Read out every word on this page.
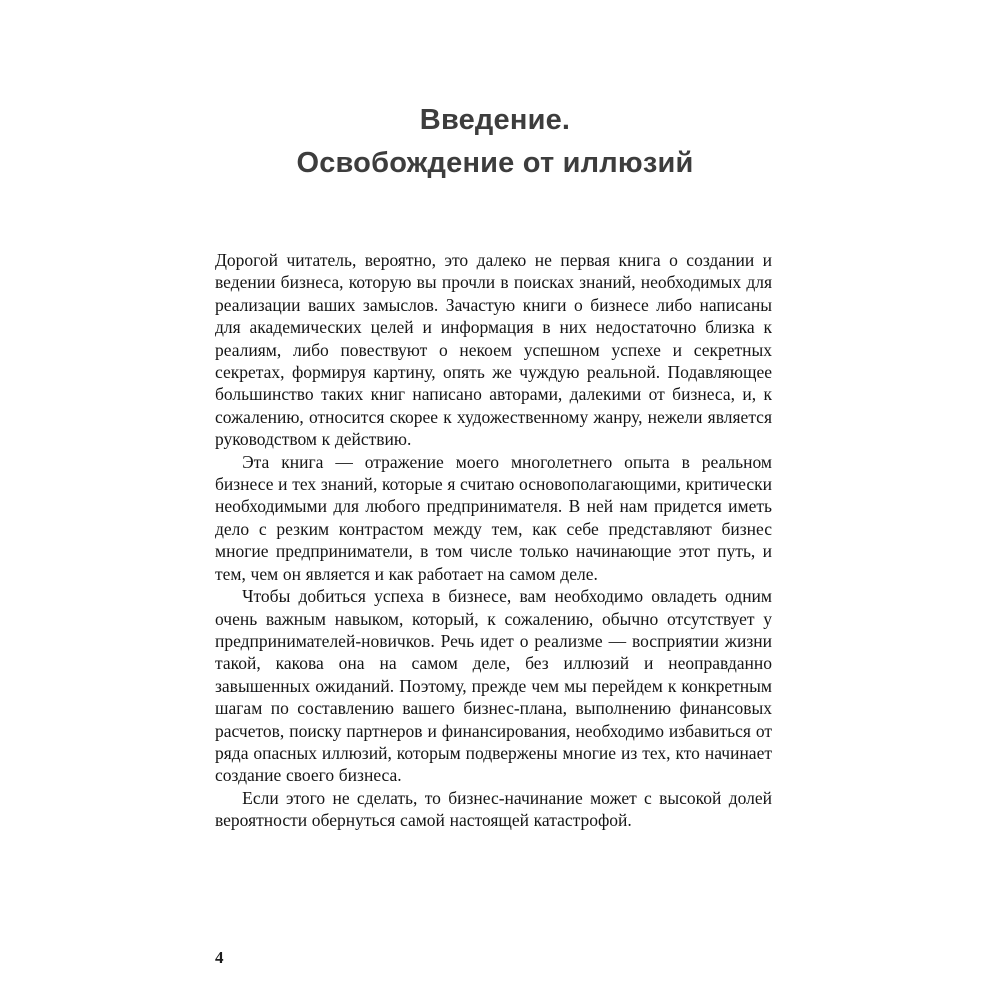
Введение.
Освобождение от иллюзий

Дорогой читатель, вероятно, это далеко не первая книга о создании и ведении бизнеса, которую вы прочли в поисках знаний, необходимых для реализации ваших замыслов. Зачастую книги о бизнесе либо написаны для академических целей и информация в них недостаточно близка к реалиям, либо повествуют о некоем успешном успехе и секретных секретах, формируя картину, опять же чуждую реальной. Подавляющее большинство таких книг написано авторами, далекими от бизнеса, и, к сожалению, относится скорее к художественному жанру, нежели является руководством к действию.

Эта книга — отражение моего многолетнего опыта в реальном бизнесе и тех знаний, которые я считаю основополагающими, критически необходимыми для любого предпринимателя. В ней нам придется иметь дело с резким контрастом между тем, как себе представляют бизнес многие предприниматели, в том числе только начинающие этот путь, и тем, чем он является и как работает на самом деле.

Чтобы добиться успеха в бизнесе, вам необходимо овладеть одним очень важным навыком, который, к сожалению, обычно отсутствует у предпринимателей-новичков. Речь идет о реализме — восприятии жизни такой, какова она на самом деле, без иллюзий и неоправданно завышенных ожиданий. Поэтому, прежде чем мы перейдем к конкретным шагам по составлению вашего бизнес-плана, выполнению финансовых расчетов, поиску партнеров и финансирования, необходимо избавиться от ряда опасных иллюзий, которым подвержены многие из тех, кто начинает создание своего бизнеса.

Если этого не сделать, то бизнес-начинание может с высокой долей вероятности обернуться самой настоящей катастрофой.

4
